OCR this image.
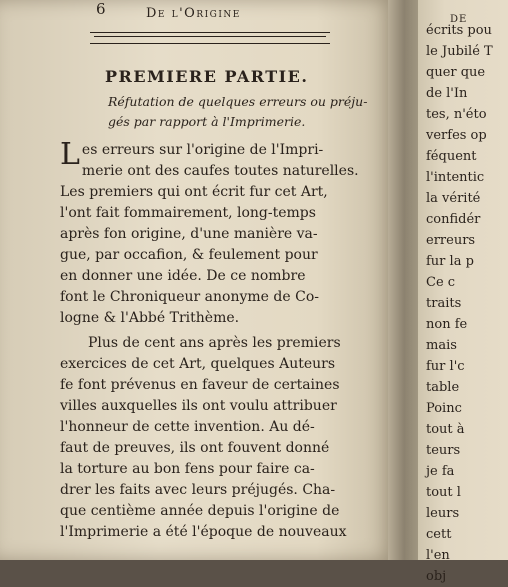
6	De l'Origine
PREMIERE PARTIE.
Réfutation de quelques erreurs ou préju-
gés par rapport à l'Imprimerie.
Les erreurs sur l'origine de l'Impri-
merie ont des caufes toutes naturelles.
Les premiers qui ont écrit fur cet Art,
l'ont fait fommairement, long-temps
après fon origine, d'une manière va-
gue, par occafion, & feulement pour
en donner une idée. De ce nombre
font le Chroniqueur anonyme de Co-
logne & l'Abbé Trithème.
Plus de cent ans après les premiers
exercices de cet Art, quelques Auteurs
fe font prévenus en faveur de certaines
villes auxquelles ils ont voulu attribuer
l'honneur de cette invention. Au dé-
faut de preuves, ils ont fouvent donné
la torture au bon fens pour faire ca-
drer les faits avec leurs préjugés. Cha-
que centième année depuis l'origine de
l'Imprimerie a été l'époque de nouveaux
DE
écrits pou
le Jubilé T
quer que
de l'In
tes, n'éto
verfes op
féquent
l'intentic
la vérité
confidér
erreurs
fur la p
Ce c
traits
non fe
mais
fur l'c
table
Poinc
tout à
teurs
je fa
tout l
leurs
cett
l'en
obj
